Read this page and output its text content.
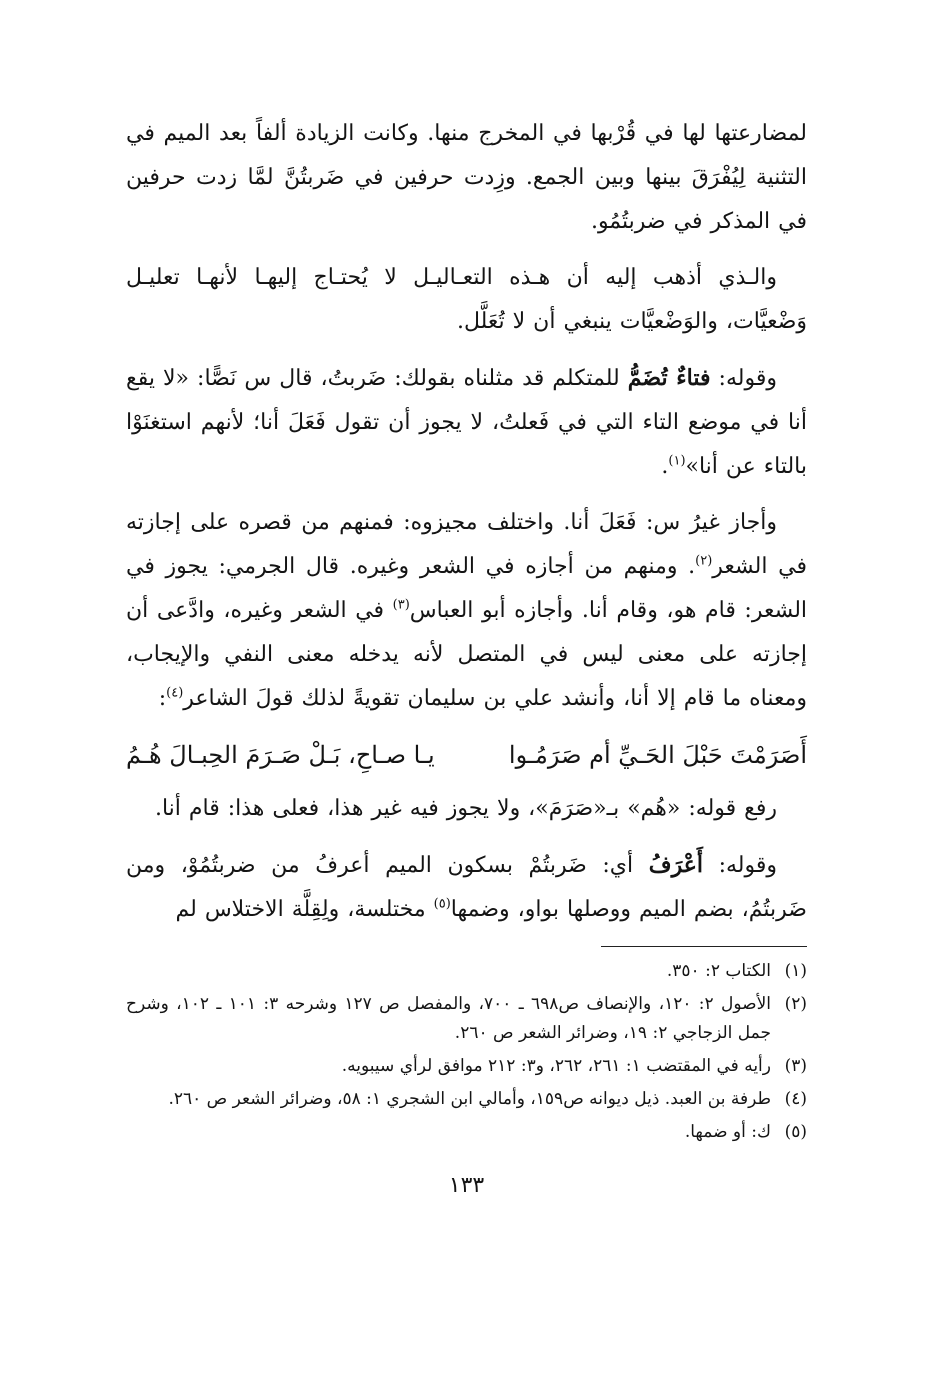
لمضارعتها لها في قُرْبها في المخرج منها. وكانت الزيادة ألفاً بعد الميم في التثنية لِيُفْرَقَ بينها وبين الجمع. وزِدت حرفين في ضَربتُنَّ لمَّا زدت حرفين في المذكر في ضربتُمُو.

والـذي أذهب إليه أن هـذه التعـاليـل لا يُحتـاج إليهـا لأنهـا تعليـل وَضْعيَّات، والوَضْعيَّات ينبغي أن لا تُعَلَّل.

وقوله: فتاءٌ تُضَمُّ للمتكلم قد مثلناه بقولك: ضَربتُ، قال س نَصًّا: «لا يقع أنا في موضع التاء التي في فَعلتُ، لا يجوز أن تقول فَعَلَ أنا؛ لأنهم استغنَوْا بالتاء عن أنا»$^{(١)}$.

وأجاز غيرُ س: فَعَلَ أنا. واختلف مجيزوه: فمنهم من قصره على إجازته في الشعر$^{(٢)}$. ومنهم من أجازه في الشعر وغيره. قال الجرمي: يجوز في الشعر: قام هو، وقام أنا. وأجازه أبو العباس$^{(٣)}$ في الشعر وغيره، وادَّعى أن إجازته على معنى ليس في المتصل لأنه يدخله معنى النفي والإيجاب، ومعناه ما قام إلا أنا، وأنشد علي بن سليمان تقويةً لذلك قولَ الشاعر$^{(٤)}$:

أَصَرَمْتَ حَبْلَ الحَـيِّ أم صَرَمُـوا
يـا صـاحِ، بَـلْ صَـرَمَ الحِبـالَ هُـمُ

رفع قوله: «هُم» بـ«صَرَمَ»، ولا يجوز فيه غير هذا، فعلى هذا: قام أنا.

وقوله: أَعْرَفُ أي: ضَربتُمْ بسكون الميم أعرفُ من ضربتُمُوْ، ومن ضَربتُمُ، بضم الميم ووصلها بواو، وضمها$^{(٥)}$ مختلسة، ولِقِلَّة الاختلاس لم

(١)
الكتاب ٢: ٣٥٠.
(٢)
الأصول ٢: ١٢٠، والإنصاف ص٦٩٨ ـ ٧٠٠، والمفصل ص ١٢٧ وشرحه ٣: ١٠١ ـ ١٠٢، وشرح جمل الزجاجي ٢: ١٩، وضرائر الشعر ص ٢٦٠.
(٣)
رأيه في المقتضب ١: ٢٦١، ٢٦٢، و٣: ٢١٢ موافق لرأي سيبويه.
(٤)
طرفة بن العبد. ذيل ديوانه ص١٥٩، وأمالي ابن الشجري ١: ٥٨، وضرائر الشعر ص ٢٦٠.
(٥)
ك: أو ضمها.
١٣٣
